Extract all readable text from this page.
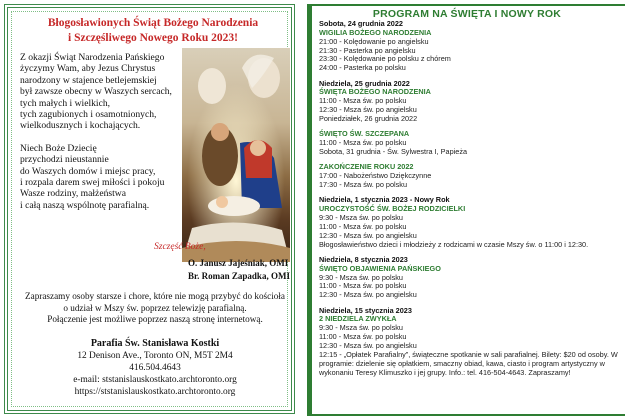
Błogosławionych Świąt Bożego Narodzenia
i Szczęśliwego Nowego Roku 2023!
Z okazji Świąt Narodzenia Pańskiego
życzymy Wam, aby Jezus Chrystus
narodzony w stajence betlejemskiej
był zawsze obecny w Waszych sercach,
tych małych i wielkich,
tych zagubionych i osamotnionych,
wielkodusznych i kochających.
Niech Boże Dziecię
przychodzi nieustannie
do Waszych domów i miejsc pracy,
i rozpala darem swej miłości i pokoju
Wasze rodziny, małżeństwa
i całą naszą wspólnotę parafialną.
Szczęść Boże,
O. Janusz Jajeśniak, OMI
Br. Roman Zapadka, OMI
Zapraszamy osoby starsze i chore, które nie mogą przybyć do kościoła
o udział w Mszy św. poprzez telewizję parafialną.
Połączenie jest możliwe poprzez naszą stronę internetową.
Parafia Św. Stanisława Kostki
12 Denison Ave., Toronto ON, M5T 2M4
416.504.4643
e-mail: ststanislauskostkato.archtoronto.org
https://ststanislauskostkato.archtoronto.org
PROGRAM NA ŚWIĘTA I NOWY ROK
Sobota, 24 grudnia 2022
WIGILIA BOŻEGO NARODZENIA
21:00 - Kolędowanie po angielsku
21:30 - Pasterka po angielsku
23:30 - Kolędowanie po polsku z chórem
24:00 - Pasterka po polsku
Niedziela, 25 grudnia 2022
ŚWIĘTA BOŻEGO NARODZENIA
11:00 - Msza św. po polsku
12:30 - Msza św. po angielsku
Poniedziałek, 26 grudnia 2022
ŚWIĘTO ŚW. SZCZEPANA
11:00 - Msza św. po polsku
Sobota, 31 grudnia - Św. Sylwestra I, Papieża
ZAKOŃCZENIE ROKU 2022
17:00 - Nabożeństwo Dziękczynne
17:30 - Msza św. po polsku
Niedziela, 1 stycznia 2023 - Nowy Rok
UROCZYSTOŚĆ ŚW. BOŻEJ RODZICIELKI
9:30 - Msza św. po polsku
11:00 - Msza św. po polsku
12:30 - Msza św. po angielsku
Błogosławieństwo dzieci i młodzieży z rodzicami w czasie Mszy św. o 11:00 i 12:30.
Niedziela, 8 stycznia 2023
ŚWIĘTO OBJAWIENIA PAŃSKIEGO
9:30 - Msza św. po polsku
11:00 - Msza św. po polsku
12:30 - Msza św. po angielsku
Niedziela, 15 stycznia 2023
2 NIEDZIELA ZWYKŁA
9:30 - Msza św. po polsku
11:00 - Msza św. po polsku
12:30 - Msza św. po angielsku
12:15 - „Opłatek Parafialny”, świąteczne spotkanie w sali parafialnej. Bilety: $20 od osoby. W programie: dzielenie się opłatkiem, smaczny obiad, kawa, ciasto i program artystyczny w wykonaniu Teresy Klimuszko i jej grupy. Info.: tel. 416-504-4643. Zapraszamy!
